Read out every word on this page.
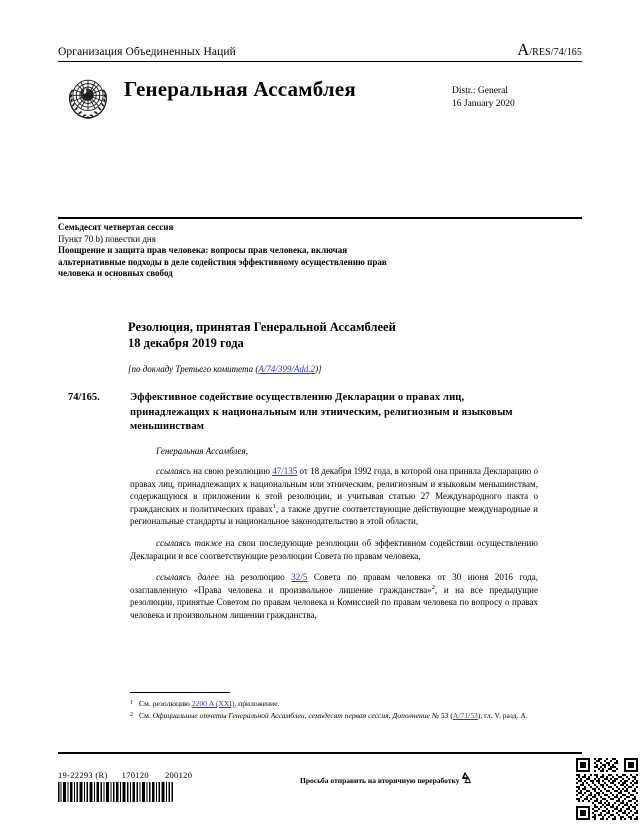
Организация Объединенных Наций	A/RES/74/165
Генеральная Ассамблея	Distr.: General
16 January 2020
Семьдесят четвертая сессия
Пункт 70 b) повестки дня
Поощрение и защита прав человека: вопросы прав человека, включая альтернативные подходы в деле содействия эффективному осуществлению прав человека и основных свобод
Резолюция, принятая Генеральной Ассамблеей
18 декабря 2019 года
[по докладу Третьего комитета (A/74/399/Add.2)]
74/165.	Эффективное содействие осуществлению Декларации о правах лиц, принадлежащих к национальным или этническим, религиозным и языковым меньшинствам
Генеральная Ассамблея,

ссылаясь на свою резолюцию 47/135 от 18 декабря 1992 года, в которой она приняла Декларацию о правах лиц, принадлежащих к национальным или этническим, религиозным и языковым меньшинствам, содержащуюся в приложении к этой резолюции, и учитывая статью 27 Международного пакта о гражданских и политических правах$^1$, а также другие соответствующие действующие международные и региональные стандарты и национальное законодательство в этой области,

ссылаясь также на свои последующие резолюции об эффективном содействии осуществлению Декларации и все соответствующие резолюции Совета по правам человека,

ссылаясь далее на резолюцию 32/5 Совета по правам человека от 30 июня 2016 года, озаглавленную «Права человека и произвольное лишение гражданства»$^2$, и на все предыдущие резолюции, принятые Советом по правам человека и Комиссией по правам человека по вопросу о правах человека и произвольном лишении гражданства,

1 См. резолюцию 2200 A (XXI), приложение.
2 См. Официальные отчеты Генеральной Ассамблеи, семьдесят первая сессия, Дополнение № 53 (A/71/53), гл. V, разд. A.
19-22293 (R) 170120 200120
Просьба отправить на вторичную переработку
